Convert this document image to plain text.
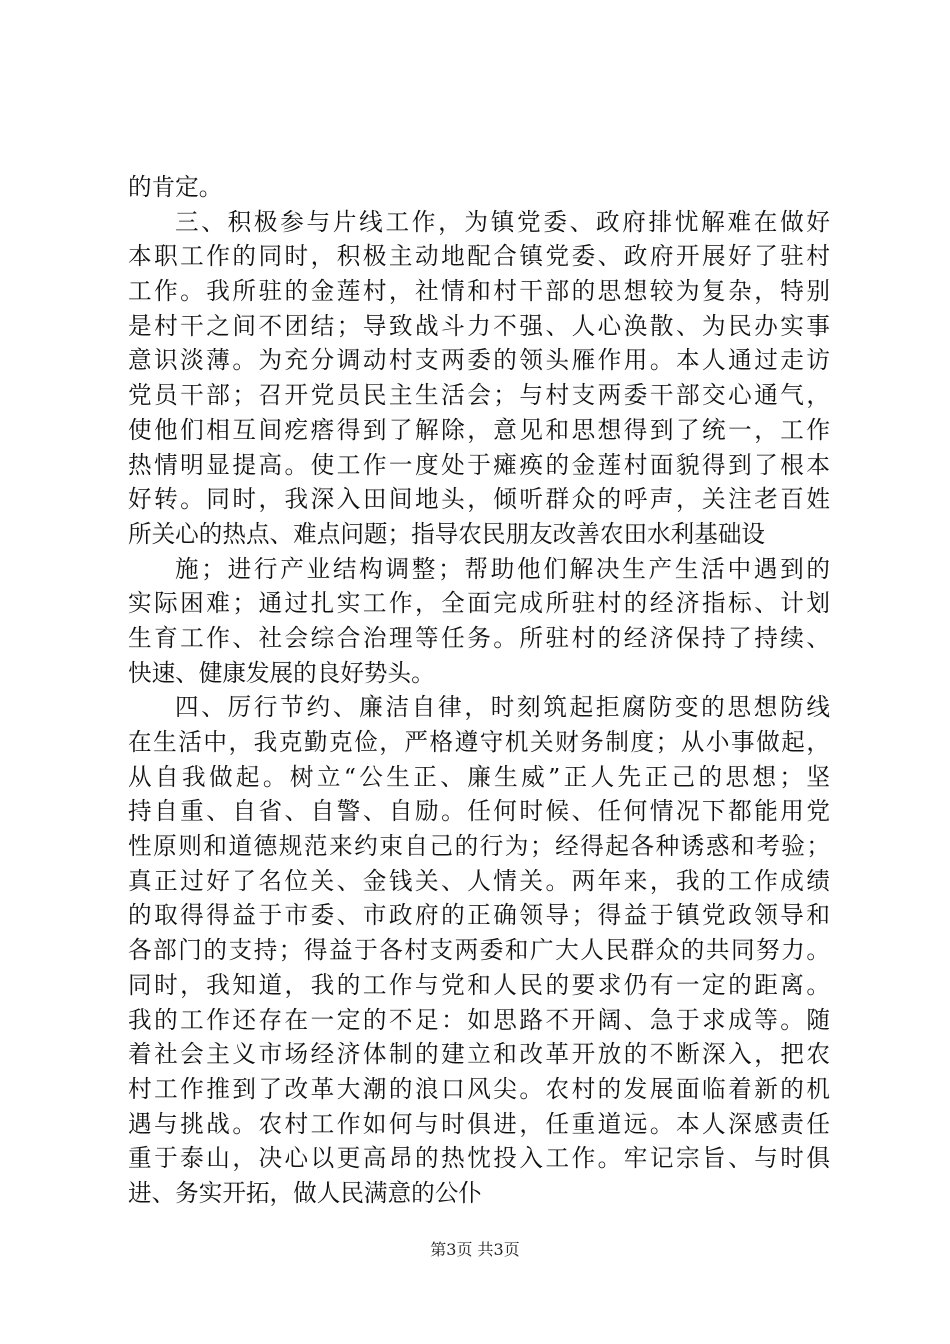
的肯定。
三、积极参与片线工作，为镇党委、政府排忧解难在做好
本职工作的同时，积极主动地配合镇党委、政府开展好了驻村
工作。我所驻的金莲村，社情和村干部的思想较为复杂，特别
是村干之间不团结；导致战斗力不强、人心涣散、为民办实事
意识淡薄。为充分调动村支两委的领头雁作用。本人通过走访
党员干部；召开党员民主生活会；与村支两委干部交心通气，
使他们相互间疙瘩得到了解除，意见和思想得到了统一，工作
热情明显提高。使工作一度处于瘫痪的金莲村面貌得到了根本
好转。同时，我深入田间地头，倾听群众的呼声，关注老百姓
所关心的热点、难点问题；指导农民朋友改善农田水利基础设
施；进行产业结构调整；帮助他们解决生产生活中遇到的
实际困难；通过扎实工作，全面完成所驻村的经济指标、计划
生育工作、社会综合治理等任务。所驻村的经济保持了持续、
快速、健康发展的良好势头。
四、厉行节约、廉洁自律，时刻筑起拒腐防变的思想防线
在生活中，我克勤克俭，严格遵守机关财务制度；从小事做起，
从自我做起。树立“公生正、廉生威”正人先正己的思想；坚
持自重、自省、自警、自励。任何时候、任何情况下都能用党
性原则和道德规范来约束自己的行为；经得起各种诱惑和考验；
真正过好了名位关、金钱关、人情关。两年来，我的工作成绩
的取得得益于市委、市政府的正确领导；得益于镇党政领导和
各部门的支持；得益于各村支两委和广大人民群众的共同努力。
同时，我知道，我的工作与党和人民的要求仍有一定的距离。
我的工作还存在一定的不足：如思路不开阔、急于求成等。随
着社会主义市场经济体制的建立和改革开放的不断深入，把农
村工作推到了改革大潮的浪口风尖。农村的发展面临着新的机
遇与挑战。农村工作如何与时俱进，任重道远。本人深感责任
重于泰山，决心以更高昂的热忱投入工作。牢记宗旨、与时俱
进、务实开拓，做人民满意的公仆
第3页 共3页
